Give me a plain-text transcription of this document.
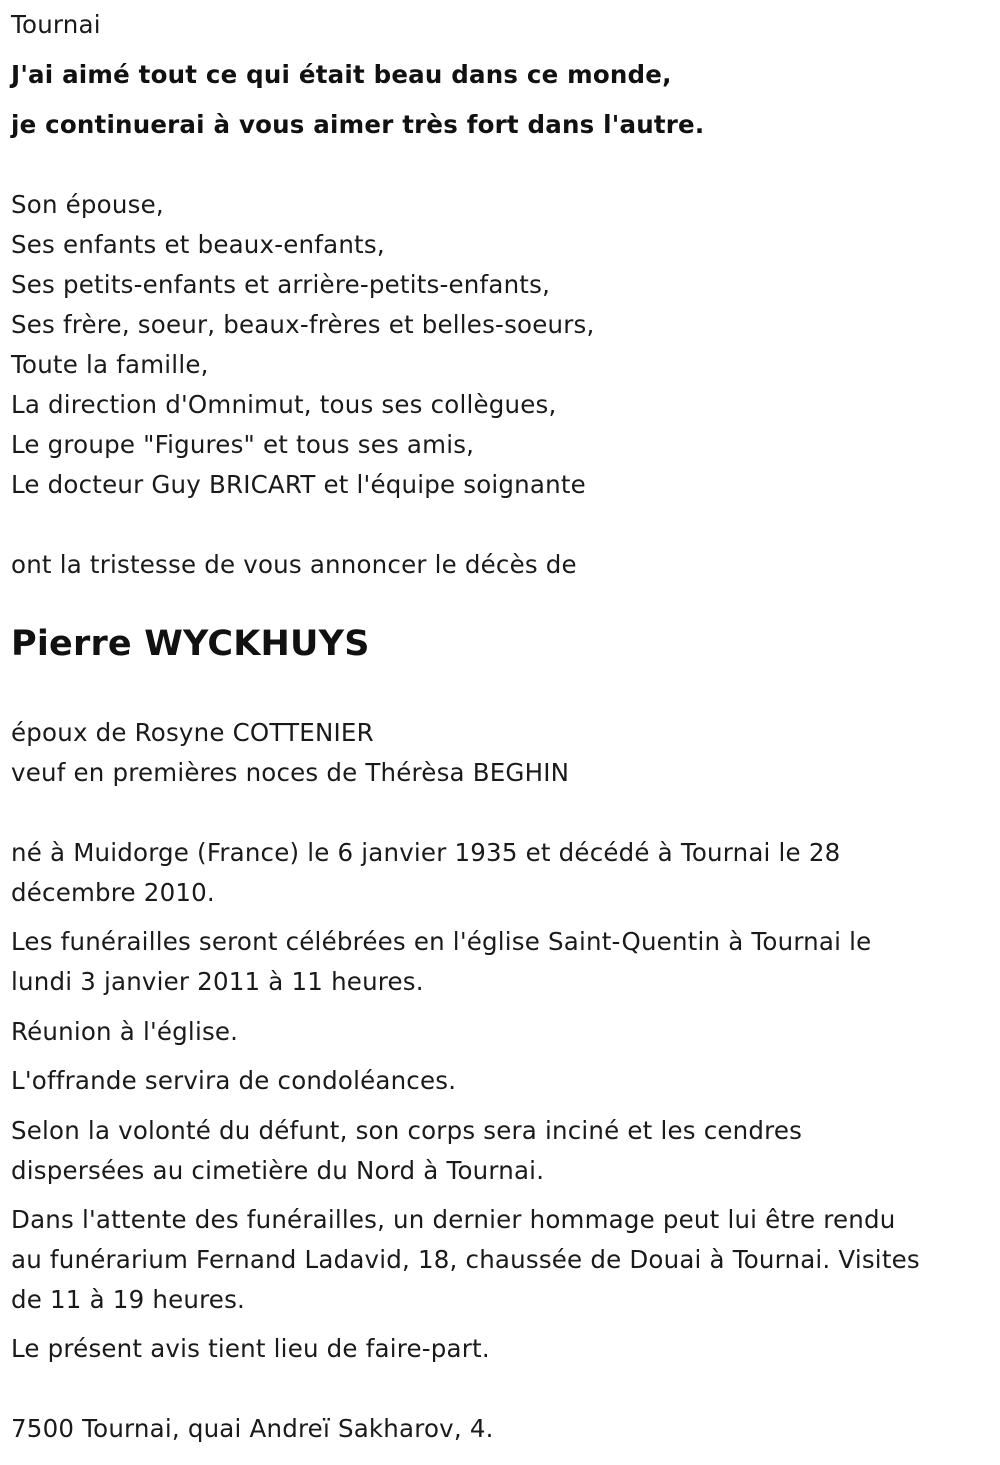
Tournai
J'ai aimé tout ce qui était beau dans ce monde,
je continuerai à vous aimer très fort dans l'autre.
Son épouse,
Ses enfants et beaux-enfants,
Ses petits-enfants et arrière-petits-enfants,
Ses frère, soeur, beaux-frères et belles-soeurs,
Toute la famille,
La direction d'Omnimut, tous ses collègues,
Le groupe "Figures" et tous ses amis,
Le docteur Guy BRICART et l'équipe soignante
ont la tristesse de vous annoncer le décès de
Pierre WYCKHUYS
époux de Rosyne COTTENIER
veuf en premières noces de Thérèsa BEGHIN
né à Muidorge (France) le 6 janvier 1935 et décédé à Tournai le 28
décembre 2010.
Les funérailles seront célébrées en l'église Saint-Quentin à Tournai le
lundi 3 janvier 2011 à 11 heures.
Réunion à l'église.
L'offrande servira de condoléances.
Selon la volonté du défunt, son corps sera inciné et les cendres
dispersées au cimetière du Nord à Tournai.
Dans l'attente des funérailles, un dernier hommage peut lui être rendu
au funérarium Fernand Ladavid, 18, chaussée de Douai à Tournai. Visites
de 11 à 19 heures.
Le présent avis tient lieu de faire-part.
7500 Tournai, quai Andreï Sakharov, 4.
